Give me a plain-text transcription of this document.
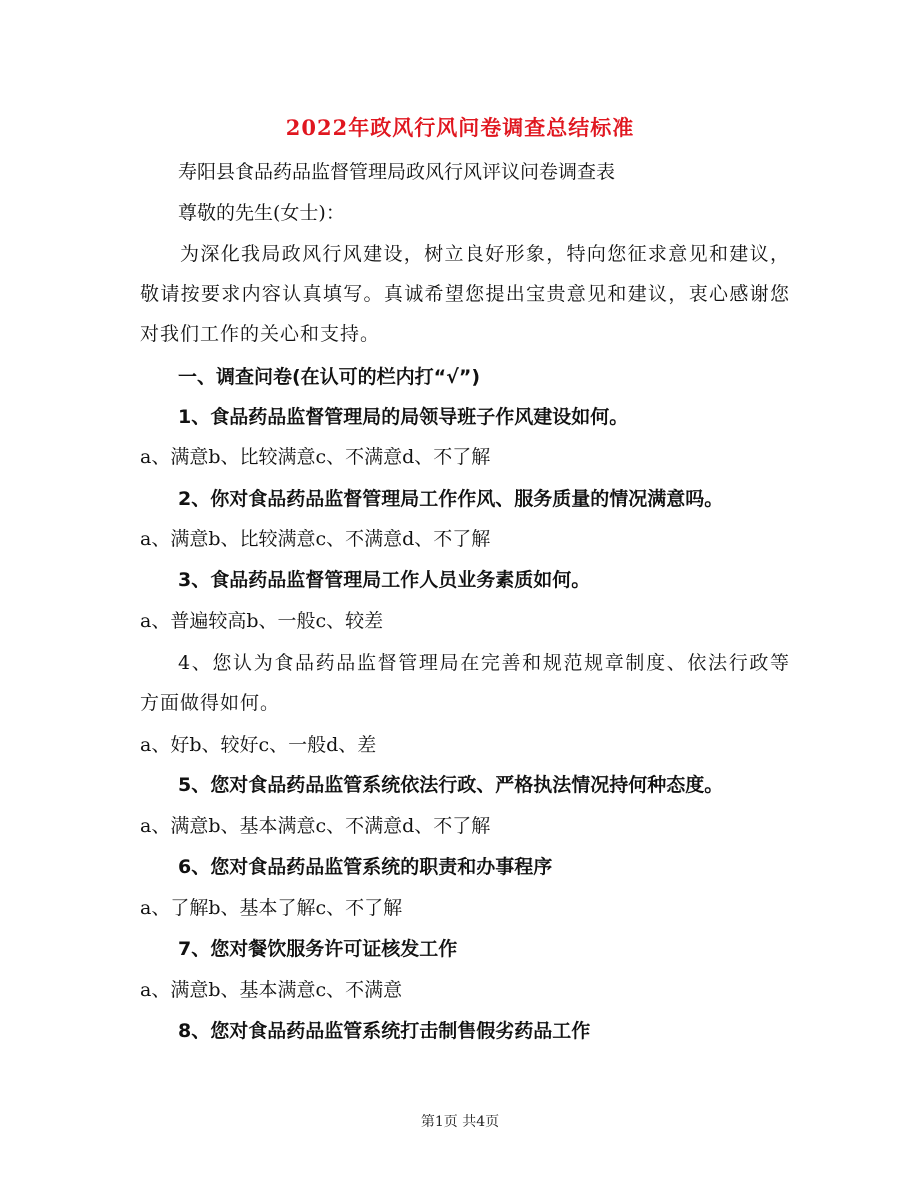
2022年政风行风问卷调查总结标准
寿阳县食品药品监督管理局政风行风评议问卷调查表
尊敬的先生(女士)：
为深化我局政风行风建设，树立良好形象，特向您征求意见和建议，敬请按要求内容认真填写。真诚希望您提出宝贵意见和建议，衷心感谢您对我们工作的关心和支持。
一、调查问卷(在认可的栏内打“√”)
1、食品药品监督管理局的局领导班子作风建设如何。
a、满意b、比较满意c、不满意d、不了解
2、你对食品药品监督管理局工作作风、服务质量的情况满意吗。
a、满意b、比较满意c、不满意d、不了解
3、食品药品监督管理局工作人员业务素质如何。
a、普遍较高b、一般c、较差
4、您认为食品药品监督管理局在完善和规范规章制度、依法行政等方面做得如何。
a、好b、较好c、一般d、差
5、您对食品药品监管系统依法行政、严格执法情况持何种态度。
a、满意b、基本满意c、不满意d、不了解
6、您对食品药品监管系统的职责和办事程序
a、了解b、基本了解c、不了解
7、您对餐饮服务许可证核发工作
a、满意b、基本满意c、不满意
8、您对食品药品监管系统打击制售假劣药品工作
第1页 共4页
